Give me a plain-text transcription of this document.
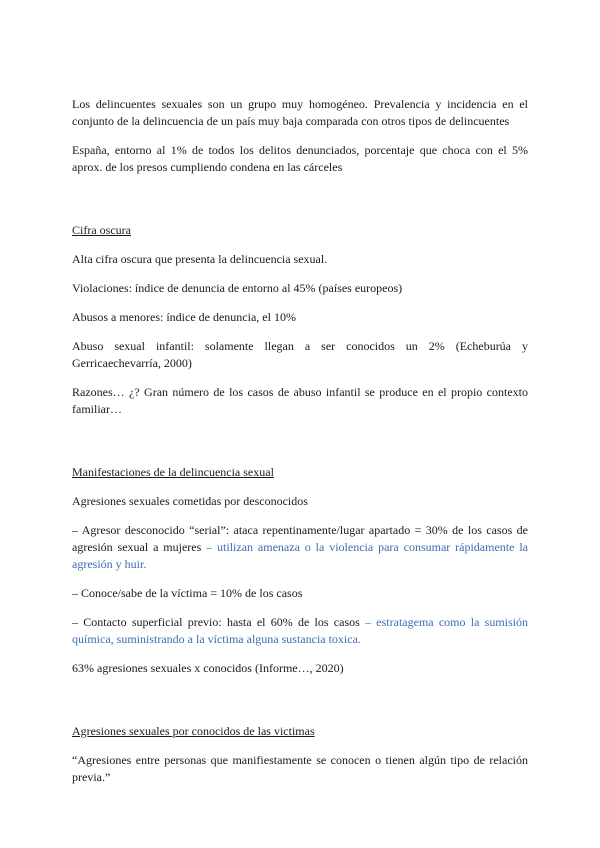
Los delincuentes sexuales son un grupo muy homogéneo. Prevalencia y incidencia en el conjunto de la delincuencia de un país muy baja comparada con otros tipos de delincuentes

España, entorno al 1% de todos los delitos denunciados, porcentaje que choca con el 5% aprox. de los presos cumpliendo condena en las cárceles

Cifra oscura

Alta cifra oscura que presenta la delincuencia sexual.

Violaciones: índice de denuncia de entorno al 45% (países europeos)

Abusos a menores: índice de denuncia, el 10%

Abuso sexual infantil: solamente llegan a ser conocidos un 2% (Echeburúa y Gerricaechevarría, 2000)

Razones… ¿? Gran número de los casos de abuso infantil se produce en el propio contexto familiar…

Manifestaciones de la delincuencia sexual

Agresiones sexuales cometidas por desconocidos

– Agresor desconocido “serial”: ataca repentinamente/lugar apartado = 30% de los casos de agresión sexual a mujeres – utilizan amenaza o la violencia para consumar rápidamente la agresión y huir.

– Conoce/sabe de la víctima = 10% de los casos

– Contacto superficial previo: hasta el 60% de los casos – estratagema como la sumisión química, suministrando a la víctima alguna sustancia toxica.

63% agresiones sexuales x conocidos (Informe…, 2020)

Agresiones sexuales por conocidos de las victimas

“Agresiones entre personas que manifiestamente se conocen o tienen algún tipo de relación previa.”
